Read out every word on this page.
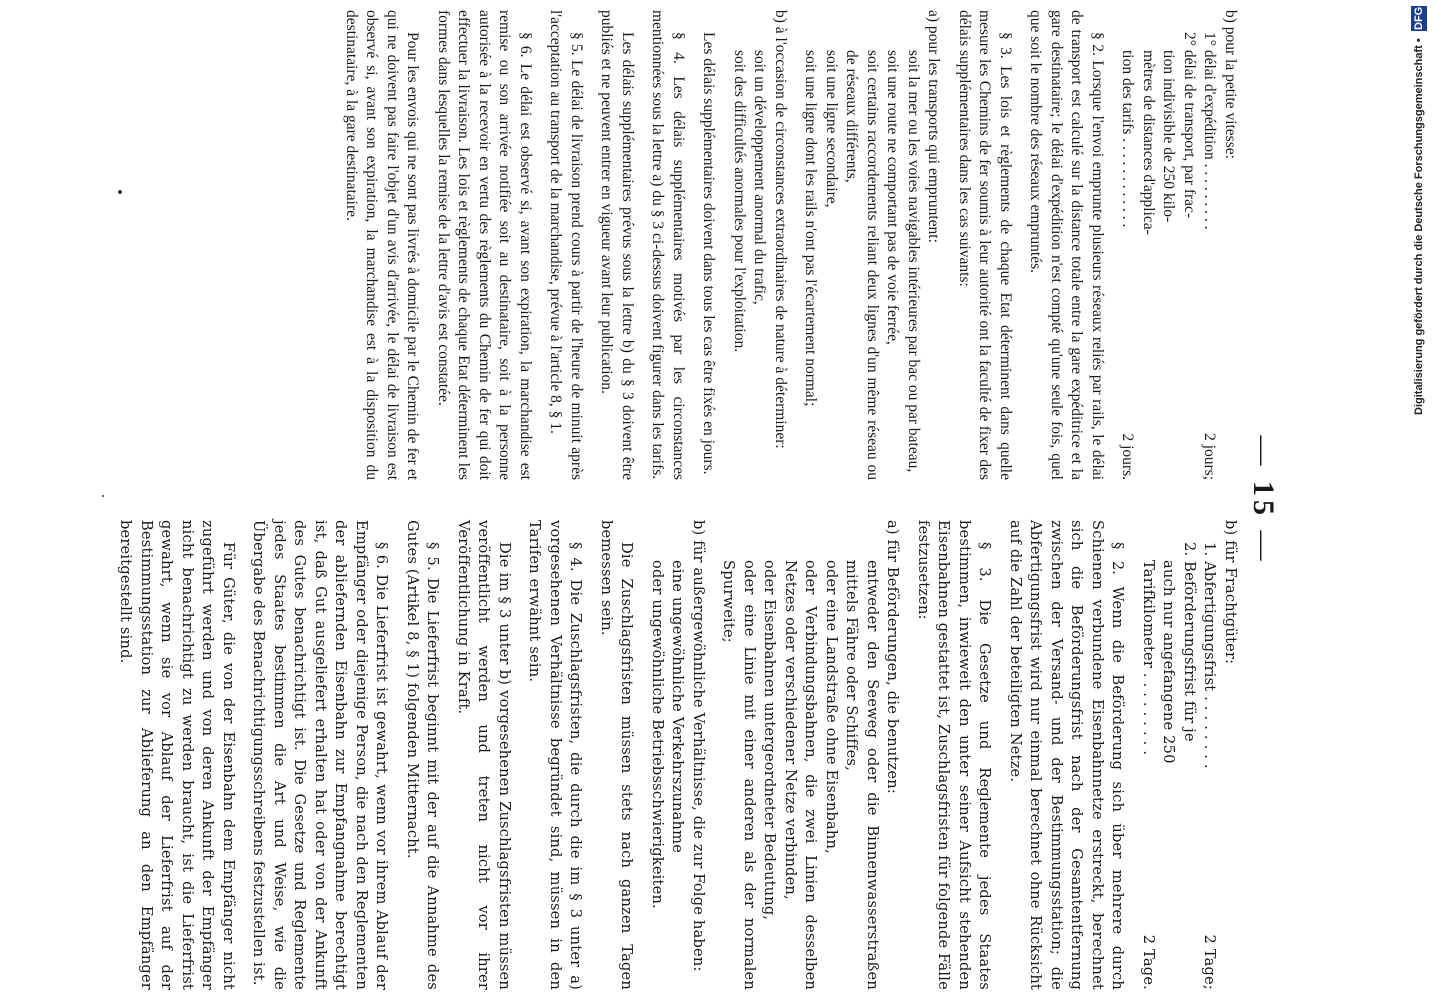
— 15 —
b) pour la petite vitesse:
1° délai d'expédition . . . . . . . . .
2 jours;
2° délai de transport, par frac-
tion indivisible de 250 kilo-
mètres de distances d'applica-
tion des tarifs . . . . . . . . . . . .
2 jours.
§ 2. Lorsque l'envoi emprunte plusieurs réseaux reliés par rails, le délai de transport est calculé sur la distance totale entre la gare expéditrice et la gare destinataire; le délai d'expédition n'est compté qu'une seule fois, quel que soit le nombre des réseaux empruntés.
§ 3. Les lois et règlements de chaque Etat déterminent dans quelle mesure les Chemins de fer soumis à leur autorité ont la faculté de fixer des délais supplémentaires dans les cas suivants:
a) pour les transports qui empruntent:
soit la mer ou les voies navigables intérieures par bac ou par bateau,
soit une route ne comportant pas de voie ferrée,
soit certains raccordements reliant deux lignes d'un même réseau ou de réseaux différents,
soit une ligne secondaire,
soit une ligne dont les rails n'ont pas l'écartement normal;
b) à l'occasion de circonstances extraordinaires de nature à déterminer:
soit un développement anormal du trafic,
soit des difficultés anormales pour l'exploitation.
Les délais supplémentaires doivent dans tous les cas être fixés en jours.
§ 4. Les délais supplémentaires motivés par les circonstances mentionnées sous la lettre a) du § 3 ci-dessus doivent figurer dans les tarifs.
Les délais supplémentaires prévus sous la lettre b) du § 3 doivent être publiés et ne peuvent entrer en vigueur avant leur publication.
§ 5. Le délai de livraison prend cours à partir de l'heure de minuit après l'acceptation au transport de la marchandise, prévue à l'article 8, § 1.
§ 6. Le délai est observé si, avant son expiration, la marchandise est remise ou son arrivée notifiée soit au destinataire, soit à la personne autorisée à la recevoir en vertu des règlements du Chemin de fer qui doit effectuer la livraison. Les lois et règlements de chaque Etat déterminent les formes dans lesquelles la remise de la lettre d'avis est constatée.
Pour les envois qui ne sont pas livrés à domicile par le Chemin de fer et qui ne doivent pas faire l'objet d'un avis d'arrivée, le délai de livraison est observé si, avant son expiration, la marchandise est à la disposition du destinataire, à la gare destinataire.
b) für Frachtgüter:
1. Abfertigungsfrist . . . . . . . .
2 Tage;
2. Beförderungsfrist für je
auch nur angefangene 250
Tarifkilometer . . . . . . . . .
2 Tage.
§ 2. Wenn die Beförderung sich über mehrere durch Schienen verbundene Eisenbahnnetze erstreckt, berechnet sich die Beförderungsfrist nach der Gesamtentfernung zwischen der Versand- und der Bestimmungsstation; die Abfertigungsfrist wird nur einmal berechnet ohne Rücksicht auf die Zahl der beteiligten Netze.
§ 3. Die Gesetze und Reglemente jedes Staates bestimmen, inwieweit den unter seiner Aufsicht stehenden Eisenbahnen gestattet ist, Zuschlagsfristen für folgende Fälle festzusetzen:
a) für Beförderungen, die benutzen:
entweder den Seeweg oder die Binnenwasserstraßen mittels Fähre oder Schiffes,
oder eine Landstraße ohne Eisenbahn,
oder Verbindungsbahnen, die zwei Linien desselben Netzes oder verschiedener Netze verbinden,
oder Eisenbahnen untergeordneter Bedeutung,
oder eine Linie mit einer anderen als der normalen Spurweite;
b) für außergewöhnliche Verhältnisse, die zur Folge haben:
eine ungewöhnliche Verkehrszunahme
oder ungewöhnliche Betriebsschwierigkeiten.
Die Zuschlagsfristen müssen stets nach ganzen Tagen bemessen sein.
§ 4. Die Zuschlagsfristen, die durch die im § 3 unter a) vorgesehenen Verhältnisse begründet sind, müssen in den Tarifen erwähnt sein.
Die im § 3 unter b) vorgesehenen Zuschlagsfristen müssen veröffentlicht werden und treten nicht vor ihrer Veröffentlichung in Kraft.
§ 5. Die Lieferfrist beginnt mit der auf die Annahme des Gutes (Artikel 8, § 1) folgenden Mitternacht.
§ 6. Die Lieferfrist ist gewahrt, wenn vor ihrem Ablauf der Empfänger oder diejenige Person, die nach den Reglementen der abliefernden Eisenbahn zur Empfangnahme berechtigt ist, daß Gut ausgeliefert erhalten hat oder von der Ankunft des Gutes benachrichtigt ist. Die Gesetze und Reglemente jedes Staates bestimmen die Art und Weise, wie die Übergabe des Benachrichtigungsschreibens festzustellen ist.
Für Güter, die von der Eisenbahn dem Empfänger nicht zugeführt werden und von deren Ankunft der Empfänger nicht benachrichtigt zu werden braucht, ist die Lieferfrist gewahrt, wenn sie vor Ablauf der Lieferfrist auf der Bestimmungsstation zur Ablieferung an den Empfänger bereitgestellt sind.
Digitalisierung gefördert durch die Deutsche Forschungsgemeinschaft • DFG
